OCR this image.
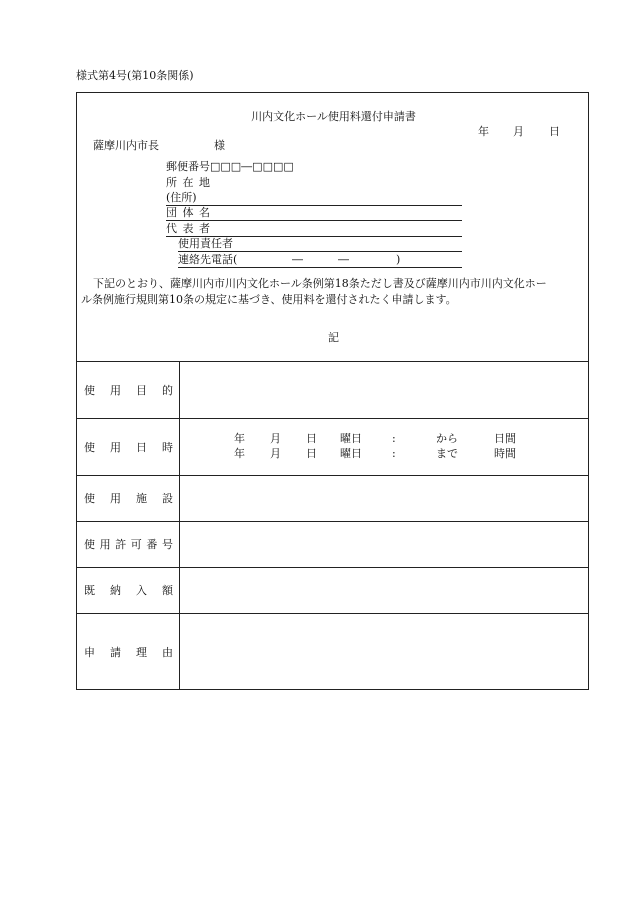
様式第4号(第10条関係)
川内文化ホール使用料還付申請書
年 月 日
薩摩川内市長	様
郵便番号□□□―□□□□
所 在 地
(住所)
団 体 名
代 表 者
使用責任者
連絡先電話(	―	―	)
下記のとおり、薩摩川内市川内文化ホール条例第18条ただし書及び薩摩川内市川内文化ホー
ル条例施行規則第10条の規定に基づき、使用料を還付されたく申請します。
記
使 用 目 的
使 用 日 時
年 月 日 曜日	:	から	日間
年 月 日 曜日	:	まで	時間
使 用 施 設
使 用 許 可 番 号
既 納 入 額
申 請 理 由
